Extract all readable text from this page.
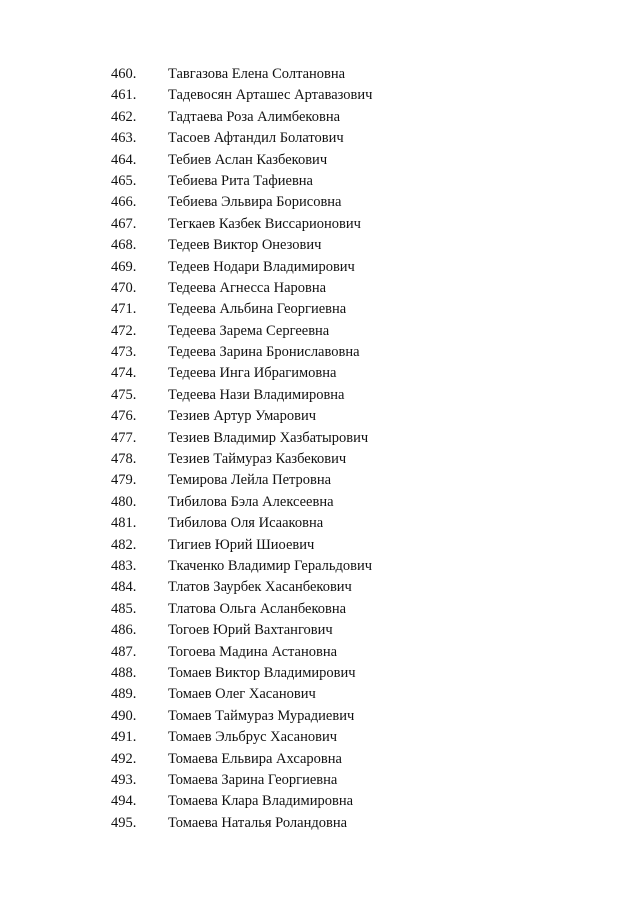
460. Тавгазова Елена Солтановна
461. Тадевосян Арташес Артавазович
462. Тадтаева Роза Алимбековна
463. Тасоев Афтандил Болатович
464. Тебиев Аслан Казбекович
465. Тебиева Рита Тафиевна
466. Тебиева Эльвира Борисовна
467. Тегкаев Казбек Виссарионович
468. Тедеев Виктор Онезович
469. Тедеев Нодари Владимирович
470. Тедеева Агнесса Наровна
471. Тедеева Альбина Георгиевна
472. Тедеева Зарема Сергеевна
473. Тедеева Зарина Брониславовна
474. Тедеева Инга Ибрагимовна
475. Тедеева Нази Владимировна
476. Тезиев Артур Умарович
477. Тезиев Владимир Хазбатырович
478. Тезиев Таймураз Казбекович
479. Темирова Лейла Петровна
480. Тибилова Бэла Алексеевна
481. Тибилова Оля Исааковна
482. Тигиев Юрий Шиоевич
483. Ткаченко Владимир Геральдович
484. Тлатов Заурбек Хасанбекович
485. Тлатова Ольга Асланбековна
486. Тогоев Юрий Вахтангович
487. Тогоева Мадина Астановна
488. Томаев Виктор Владимирович
489. Томаев Олег Хасанович
490. Томаев Таймураз Мурадиевич
491. Томаев Эльбрус Хасанович
492. Томаева Ельвира Ахсаровна
493. Томаева Зарина Георгиевна
494. Томаева Клара Владимировна
495. Томаева Наталья Роландовна
